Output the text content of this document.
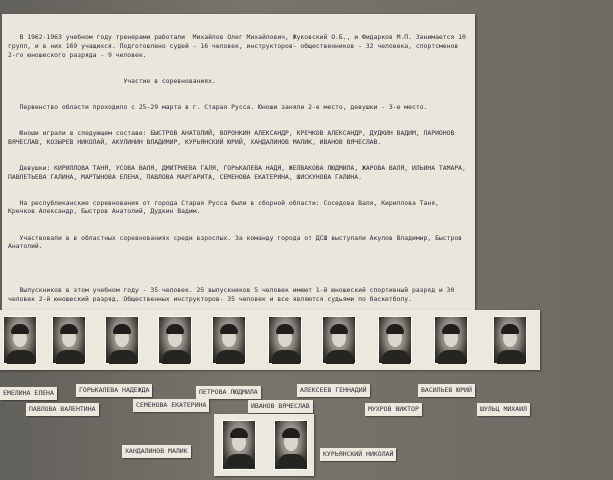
В 1962-1963 учебном году тренерами работали  Михайлов Олег Михайлович, Жуковский О.Б., и Фидарков М.П. Занимается 10 групп, и в них 169 учащихся. Подготовлено судей - 16 человек, инструкторов- общественников - 32 человека, спортсменов 2-го юношеского разряда - 9 человек.

Участие в соревнованиях.

Первенство области проходило с 25-29 марта в г. Старая Русса. Юноши заняли 2-е место, девушки - 3-е место.

Юноши играли в следующем составе: БЫСТРОВ АНАТОЛИЙ, ВОРОНКИН АЛЕКСАНДР, КРЕЧКОВ АЛЕКСАНДР, ДУДКИН ВАДИМ, ЛАРИОНОВ ВЯЧЕСЛАВ, КОЗЫРЕВ НИКОЛАЙ, АКУЛИНИН ВЛАДИМИР, КУРЬЯНСКИЙ ЮРИЙ, ХАНДАЛИНОВ МАЛИК, ИВАНОВ ВЯЧЕСЛАВ.

Девушки: КИРИЛЛОВА ТАНЯ, УСОВА ВАЛЯ, ДМИТРИЕВА ГАЛЯ, ГОРЬКАЛЕВА НАДЯ, ЖЕЛВАКОВА ЛЮДМИЛА, ЖАРОВА ВАЛЯ, ИЛЬИНА ТАМАРА, ПАВЛЕТЬЕВА ГАЛИНА, МАРТЫНОВА ЕЛЕНА, ПАВЛОВА МАРГАРИТА, СЕМЕНОВА ЕКАТЕРИНА, ШИСКУНОВА ГАЛИНА.

На республиканские соревнования от города Старая Русса были в сборной области: Соседова Валя, Кириллова Таня, Кречков Александр, Быстров Анатолий, Дудкин Вадим.

Участвовали в в областных соревнованиях среди взрослых. За команду города от ДСШ выступали Акулов Владимир, Быстров Анатолий.

Выпускников в этом учебном году - 35 человек. 25 выпускников 5 человек имеют 1-й юношеский спортивный разряд и 30 человек 2-й юношеский разряд. Общественных инструкторов- 35 человек и все являются судьями по баскетболу.

ЕМЕЛИНА ЕЛЕНА	ГОРЬКАЛЕВА НАДЕЖДА	ПЕТРОВА ЛЮДМИЛА	АЛЕКСЕЕВ ГЕННАДИЙ	ВАСИЛЬЕВ ЮРИЙ
ПАВЛОВА ВАЛЕНТИНА	СЕМЕНОВА ЕКАТЕРИНА	ИВАНОВ ВЯЧЕСЛАВ	МУХРОВ ВИКТОР	ШУЛЬЦ МИХАИЛ
ХАНДАЛИНОВ МАЛИК	КУРЬЯНСКИЙ НИКОЛАЙ
